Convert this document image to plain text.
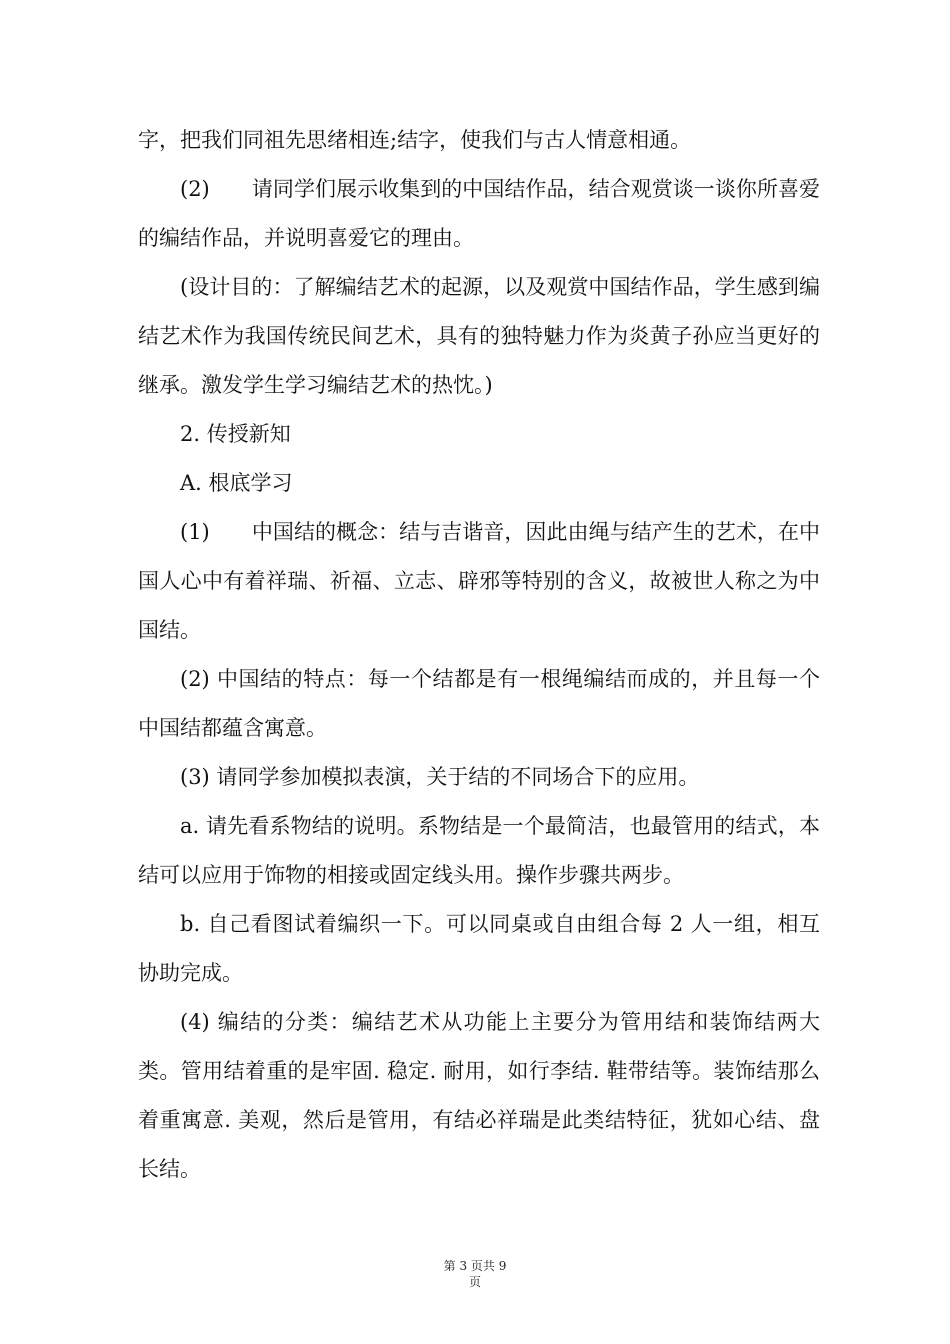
字，把我们同祖先思绪相连;结字，使我们与古人情意相通。

(2)　　请同学们展示收集到的中国结作品，结合观赏谈一谈你所喜爱的编结作品，并说明喜爱它的理由。

(设计目的：了解编结艺术的起源，以及观赏中国结作品，学生感到编结艺术作为我国传统民间艺术，具有的独特魅力作为炎黄子孙应当更好的继承。激发学生学习编结艺术的热忱。)

2. 传授新知

A. 根底学习

(1)　　中国结的概念：结与吉谐音，因此由绳与结产生的艺术，在中国人心中有着祥瑞、祈福、立志、辟邪等特别的含义，故被世人称之为中国结。

(2) 中国结的特点：每一个结都是有一根绳编结而成的，并且每一个中国结都蕴含寓意。

(3) 请同学参加模拟表演，关于结的不同场合下的应用。

a. 请先看系物结的说明。系物结是一个最简洁，也最管用的结式，本结可以应用于饰物的相接或固定线头用。操作步骤共两步。

b. 自己看图试着编织一下。可以同桌或自由组合每 2 人一组，相互协助完成。

(4) 编结的分类：编结艺术从功能上主要分为管用结和装饰结两大类。管用结着重的是牢固. 稳定. 耐用，如行李结. 鞋带结等。装饰结那么着重寓意. 美观，然后是管用，有结必祥瑞是此类结特征，犹如心结、盘长结。

第 3 页共 9
页
